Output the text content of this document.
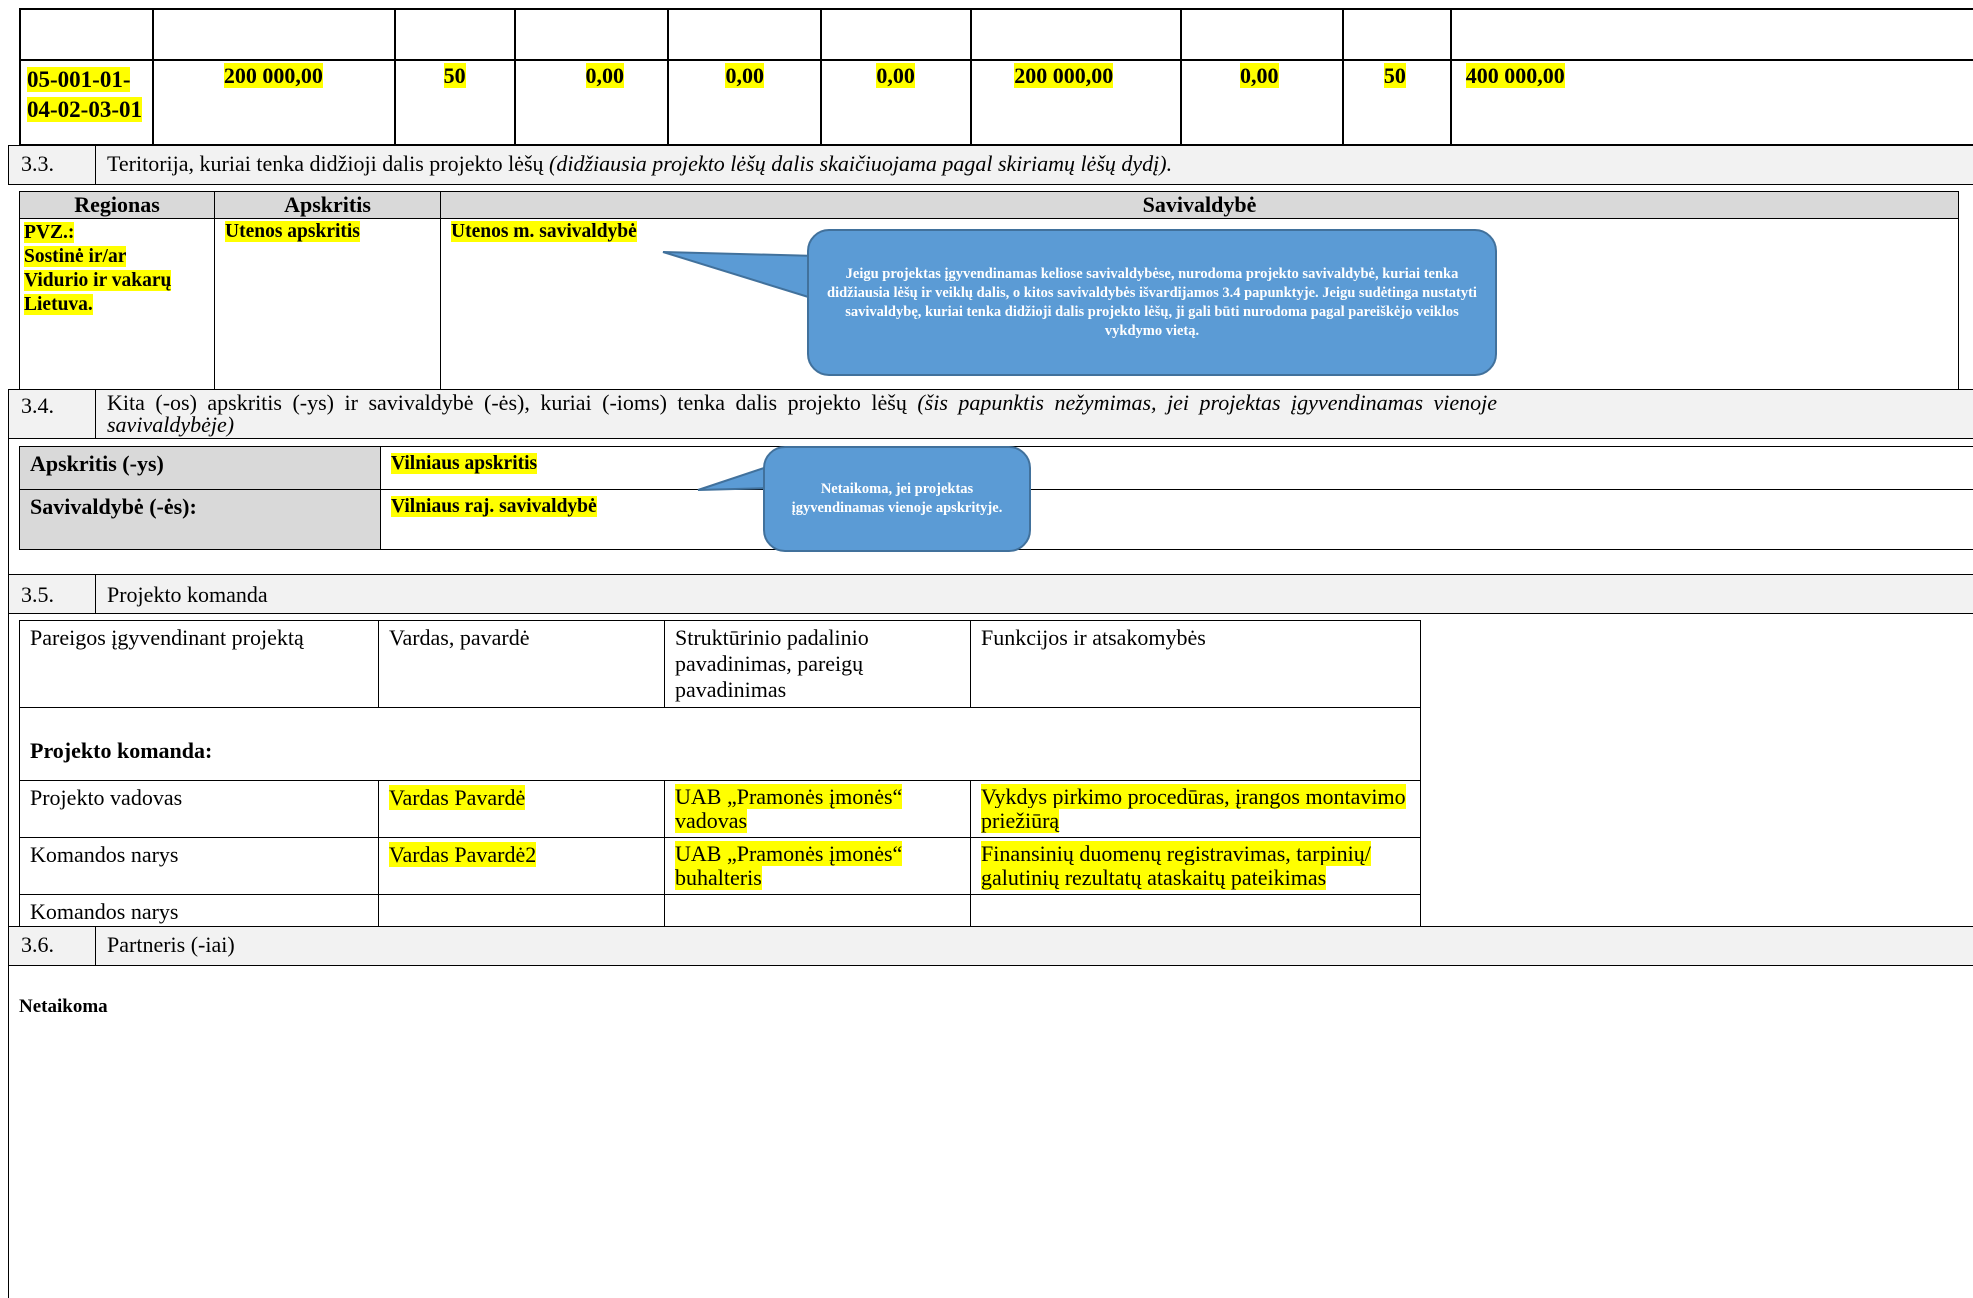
05-001-01-04-02-03-01	200 000,00	50	0,00	0,00	0,00	200 000,00	0,00	50	400 000,00
3.3. Teritorija, kuriai tenka didžioji dalis projekto lėšų (didžiausia projekto lėšų dalis skaičiuojama pagal skiriamų lėšų dydį).
Regionas	Apskritis	Savivaldybė
PVZ.:
Sostinė ir/ar
Vidurio ir vakarų
Lietuva.	Utenos apskritis	Utenos m. savivaldybė
Jeigu projektas įgyvendinamas keliose savivaldybėse, nurodoma projekto savivaldybė, kuriai tenka didžiausia lėšų ir veiklų dalis, o kitos savivaldybės išvardijamos 3.4 papunktyje. Jeigu sudėtinga nustatyti savivaldybę, kuriai tenka didžioji dalis projekto lėšų, ji gali būti nurodoma pagal pareiškėjo veiklos vykdymo vietą.
3.4. Kita (-os) apskritis (-ys) ir savivaldybė (-ės), kuriai (-ioms) tenka dalis projekto lėšų (šis papunktis nežymimas, jei projektas įgyvendinamas vienoje
savivaldybėje)
Apskritis (-ys)	Vilniaus apskritis
Savivaldybė (-ės):	Vilniaus raj. savivaldybė
Netaikoma, jei projektas įgyvendinamas vienoje apskrityje.
3.5. Projekto komanda
Pareigos įgyvendinant projektą	Vardas, pavardė	Struktūrinio padalinio pavadinimas, pareigų pavadinimas	Funkcijos ir atsakomybės
Projekto komanda:			
Projekto vadovas	Vardas Pavardė	UAB „Pramonės įmonės“ vadovas	Vykdys pirkimo procedūras, įrangos montavimo priežiūrą
Komandos narys	Vardas Pavardė2	UAB „Pramonės įmonės“ buhalteris	Finansinių duomenų registravimas, tarpinių/ galutinių rezultatų ataskaitų pateikimas
Komandos narys			
3.6. Partneris (-iai)
Netaikoma
